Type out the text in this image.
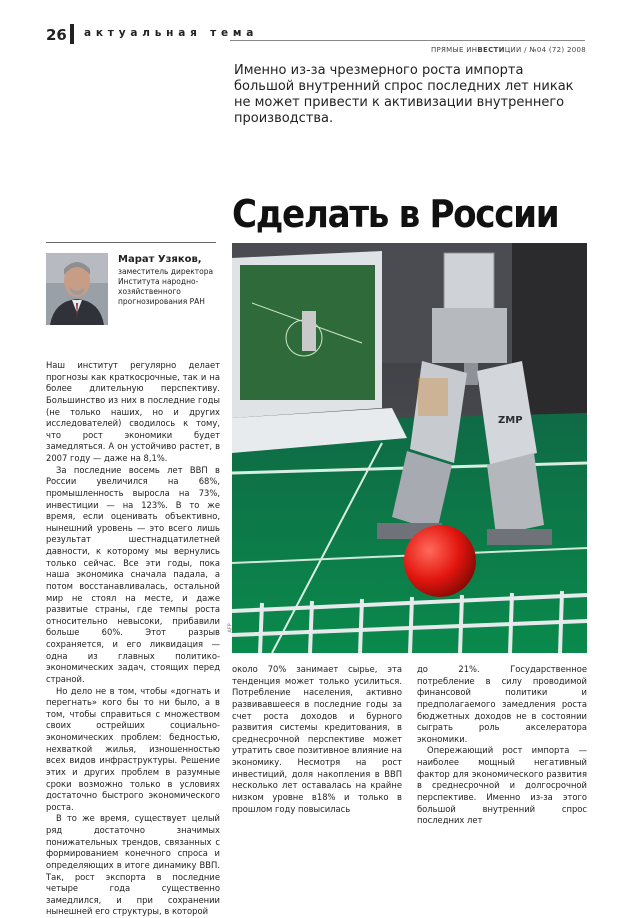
26 актуальная тема
ПРЯМЫЕ ИНВЕСТИЦИИ / №04 (72) 2008
Именно из-за чрезмерного роста импорта большой внутренний спрос последних лет никак не может привести к активизации внутреннего производства.
Сделать в России
Марат Узяков,
заместитель директора Института народно-хозяйственного прогнозирования РАН
ZMP
AFP

Наш институт регулярно делает прогнозы как краткосрочные, так и на более длительную перспективу. Большинство из них в последние годы (не только наших, но и других исследователей) сводилось к тому, что рост экономики будет замедляться. А он устойчиво растет, в 2007 году — даже на 8,1%.

За последние восемь лет ВВП в России увеличился на 68%, промышленность выросла на 73%, инвестиции — на 123%. В то же время, если оценивать объективно, нынешний уровень — это всего лишь результат шестнадцатилетней давности, к которому мы вернулись только сейчас. Все эти годы, пока наша экономика сначала падала, а потом восстанавливалась, остальной мир не стоял на месте, и даже развитые страны, где темпы роста относительно невысоки, прибавили больше 60%. Этот разрыв сохраняется, и его ликвидация — одна из главных политико-экономических задач, стоящих перед страной.

Но дело не в том, чтобы «догнать и перегнать» кого бы то ни было, а в том, чтобы справиться с множеством своих острейших социально-экономических проблем: бедностью, нехваткой жилья, изношенностью всех видов инфраструктуры. Решение этих и других проблем в разумные сроки возможно только в условиях достаточно быстрого экономического роста.

В то же время, существует целый ряд достаточно значимых понижательных трендов, связанных с формированием конечного спроса и определяющих в итоге динамику ВВП. Так, рост экспорта в последние четыре года существенно замедлился, и при сохранении нынешней его структуры, в которой

около 70% занимает сырье, эта тенденция может только усилиться. Потребление населения, активно развивавшееся в последние годы за счет роста доходов и бурного развития системы кредитования, в среднесрочной перспективе может утратить свое позитивное влияние на экономику. Несмотря на рост инвестиций, доля накопления в ВВП несколько лет оставалась на крайне низком уровне в18% и только в прошлом году повысилась

до 21%. Государственное потребление в силу проводимой финансовой политики и предполагаемого замедления роста бюджетных доходов не в состоянии сыграть роль акселератора экономики.

Опережающий рост импорта — наиболее мощный негативный фактор для экономического развития в среднесрочной и долгосрочной перспективе. Именно из-за этого большой внутренний спрос последних лет
